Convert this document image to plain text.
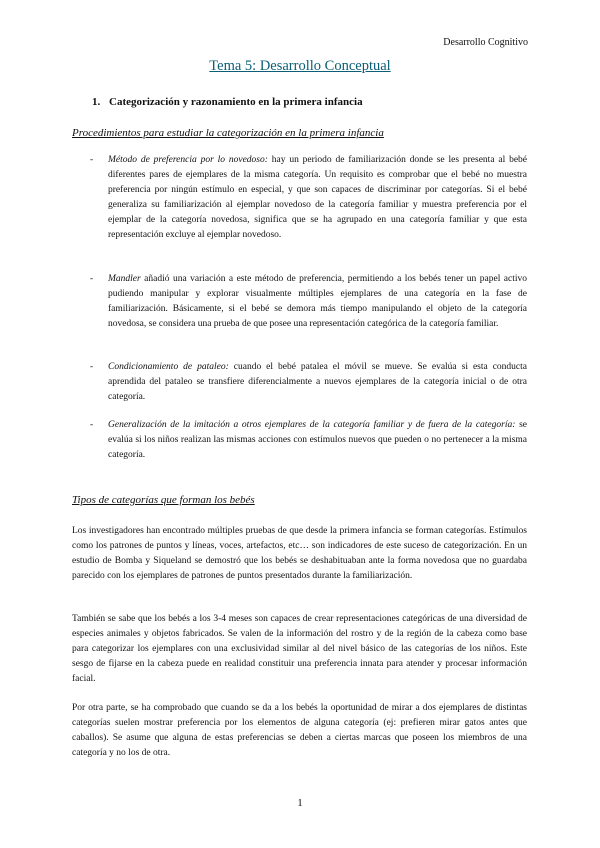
Desarrollo Cognitivo
Tema 5: Desarrollo Conceptual
1. Categorización y razonamiento en la primera infancia
Procedimientos para estudiar la categorización en la primera infancia
- Método de preferencia por lo novedoso: hay un periodo de familiarización donde se les presenta al bebé diferentes pares de ejemplares de la misma categoría. Un requisito es comprobar que el bebé no muestra preferencia por ningún estímulo en especial, y que son capaces de discriminar por categorías. Si el bebé generaliza su familiarización al ejemplar novedoso de la categoría familiar y muestra preferencia por el ejemplar de la categoría novedosa, significa que se ha agrupado en una categoría familiar y que esta representación excluye al ejemplar novedoso.
- Mandler añadió una variación a este método de preferencia, permitiendo a los bebés tener un papel activo pudiendo manipular y explorar visualmente múltiples ejemplares de una categoría en la fase de familiarización. Básicamente, si el bebé se demora más tiempo manipulando el objeto de la categoría novedosa, se considera una prueba de que posee una representación categórica de la categoría familiar.
- Condicionamiento de pataleo: cuando el bebé patalea el móvil se mueve. Se evalúa si esta conducta aprendida del pataleo se transfiere diferencialmente a nuevos ejemplares de la categoría inicial o de otra categoría.
- Generalización de la imitación a otros ejemplares de la categoría familiar y de fuera de la categoría: se evalúa si los niños realizan las mismas acciones con estímulos nuevos que pueden o no pertenecer a la misma categoría.
Tipos de categorías que forman los bebés
Los investigadores han encontrado múltiples pruebas de que desde la primera infancia se forman categorías. Estímulos como los patrones de puntos y líneas, voces, artefactos, etc… son indicadores de este suceso de categorización. En un estudio de Bomba y Siqueland se demostró que los bebés se deshabituaban ante la forma novedosa que no guardaba parecido con los ejemplares de patrones de puntos presentados durante la familiarización.
También se sabe que los bebés a los 3-4 meses son capaces de crear representaciones categóricas de una diversidad de especies animales y objetos fabricados. Se valen de la información del rostro y de la región de la cabeza como base para categorizar los ejemplares con una exclusividad similar al del nivel básico de las categorías de los niños. Este sesgo de fijarse en la cabeza puede en realidad constituir una preferencia innata para atender y procesar información facial.
Por otra parte, se ha comprobado que cuando se da a los bebés la oportunidad de mirar a dos ejemplares de distintas categorías suelen mostrar preferencia por los elementos de alguna categoría (ej: prefieren mirar gatos antes que caballos). Se asume que alguna de estas preferencias se deben a ciertas marcas que poseen los miembros de una categoría y no los de otra.
1
